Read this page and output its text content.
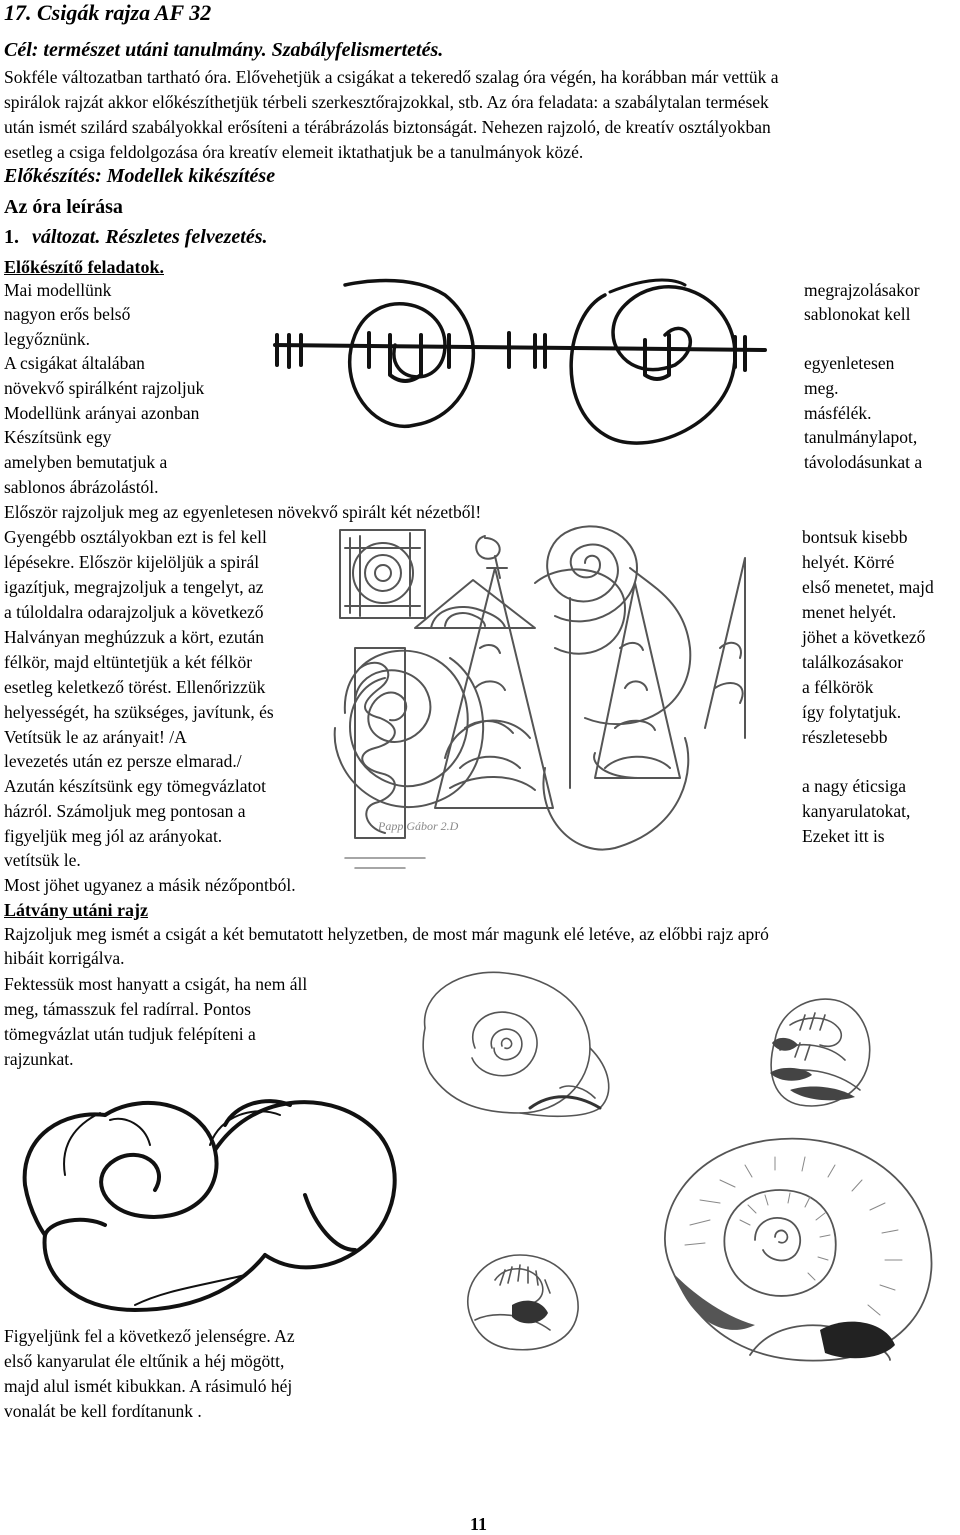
17. Csigák rajza AF 32
Cél: természet utáni tanulmány. Szabályfelismertetés.
Sokféle változatban tartható óra. Elővehetjük a csigákat a tekeredő szalag óra végén, ha korábban már vettük a
spirálok rajzát akkor előkészíthetjük térbeli szerkesztőrajzokkal, stb. Az óra feladata: a szabálytalan termések
után ismét szilárd szabályokkal erősíteni a térábrázolás biztonságát. Nehezen rajzoló, de kreatív osztályokban
esetleg a csiga feldolgozása óra kreatív elemeit iktathatjuk be a tanulmányok közé.
Előkészítés: Modellek kikészítése
Az óra leírása
1. változat. Részletes felvezetés.
Előkészítő feladatok.
Mai modellünk
nagyon erős belső
legyőznünk.
A csigákat általában
növekvő spirálként rajzoljuk
Modellünk arányai azonban
Készítsünk egy
amelyben bemutatjuk a
sablonos ábrázolástól.
megrajzolásakor
sablonokat kell
egyenletesen
meg.
másfélék.
tanulmánylapot,
távolodásunkat a
Először rajzoljuk meg az egyenletesen növekvő spirált két nézetből!
Gyengébb osztályokban ezt is fel kell
lépésekre. Először kijelöljük a spirál
igazítjuk, megrajzoljuk a tengelyt, az
a túloldalra odarajzoljuk a következő
Halványan meghúzzuk a kört, ezután
félkör, majd eltüntetjük a két félkör
esetleg keletkező törést. Ellenőrizzük
helyességét, ha szükséges, javítunk, és
Vetítsük le az arányait! /A
levezetés után ez persze elmarad./
Azután készítsünk egy tömegvázlatot
házról. Számoljuk meg pontosan a
figyeljük meg jól az arányokat.
vetítsük le.
Most jöhet ugyanez a másik nézőpontból.
bontsuk kisebb
helyét. Körré
első menetet, majd
menet helyét.
jöhet a következő
találkozásakor
a félkörök
így folytatjuk.
részletesebb
a nagy éticsiga
kanyarulatokat,
Ezeket itt is
Látvány utáni rajz
Rajzoljuk meg ismét a csigát a két bemutatott helyzetben, de most már magunk elé letéve, az előbbi rajz apró
hibáit korrigálva.
Fektessük most hanyatt a csigát, ha nem áll
meg, támasszuk fel radírral. Pontos
tömegvázlat után tudjuk felépíteni a
rajzunkat.
Figyeljünk fel a következő jelenségre. Az
első kanyarulat éle eltűnik a héj mögött,
majd alul ismét kibukkan. A rásimuló héj
vonalát be kell fordítanunk .
11
Papp Gábor 2.D
